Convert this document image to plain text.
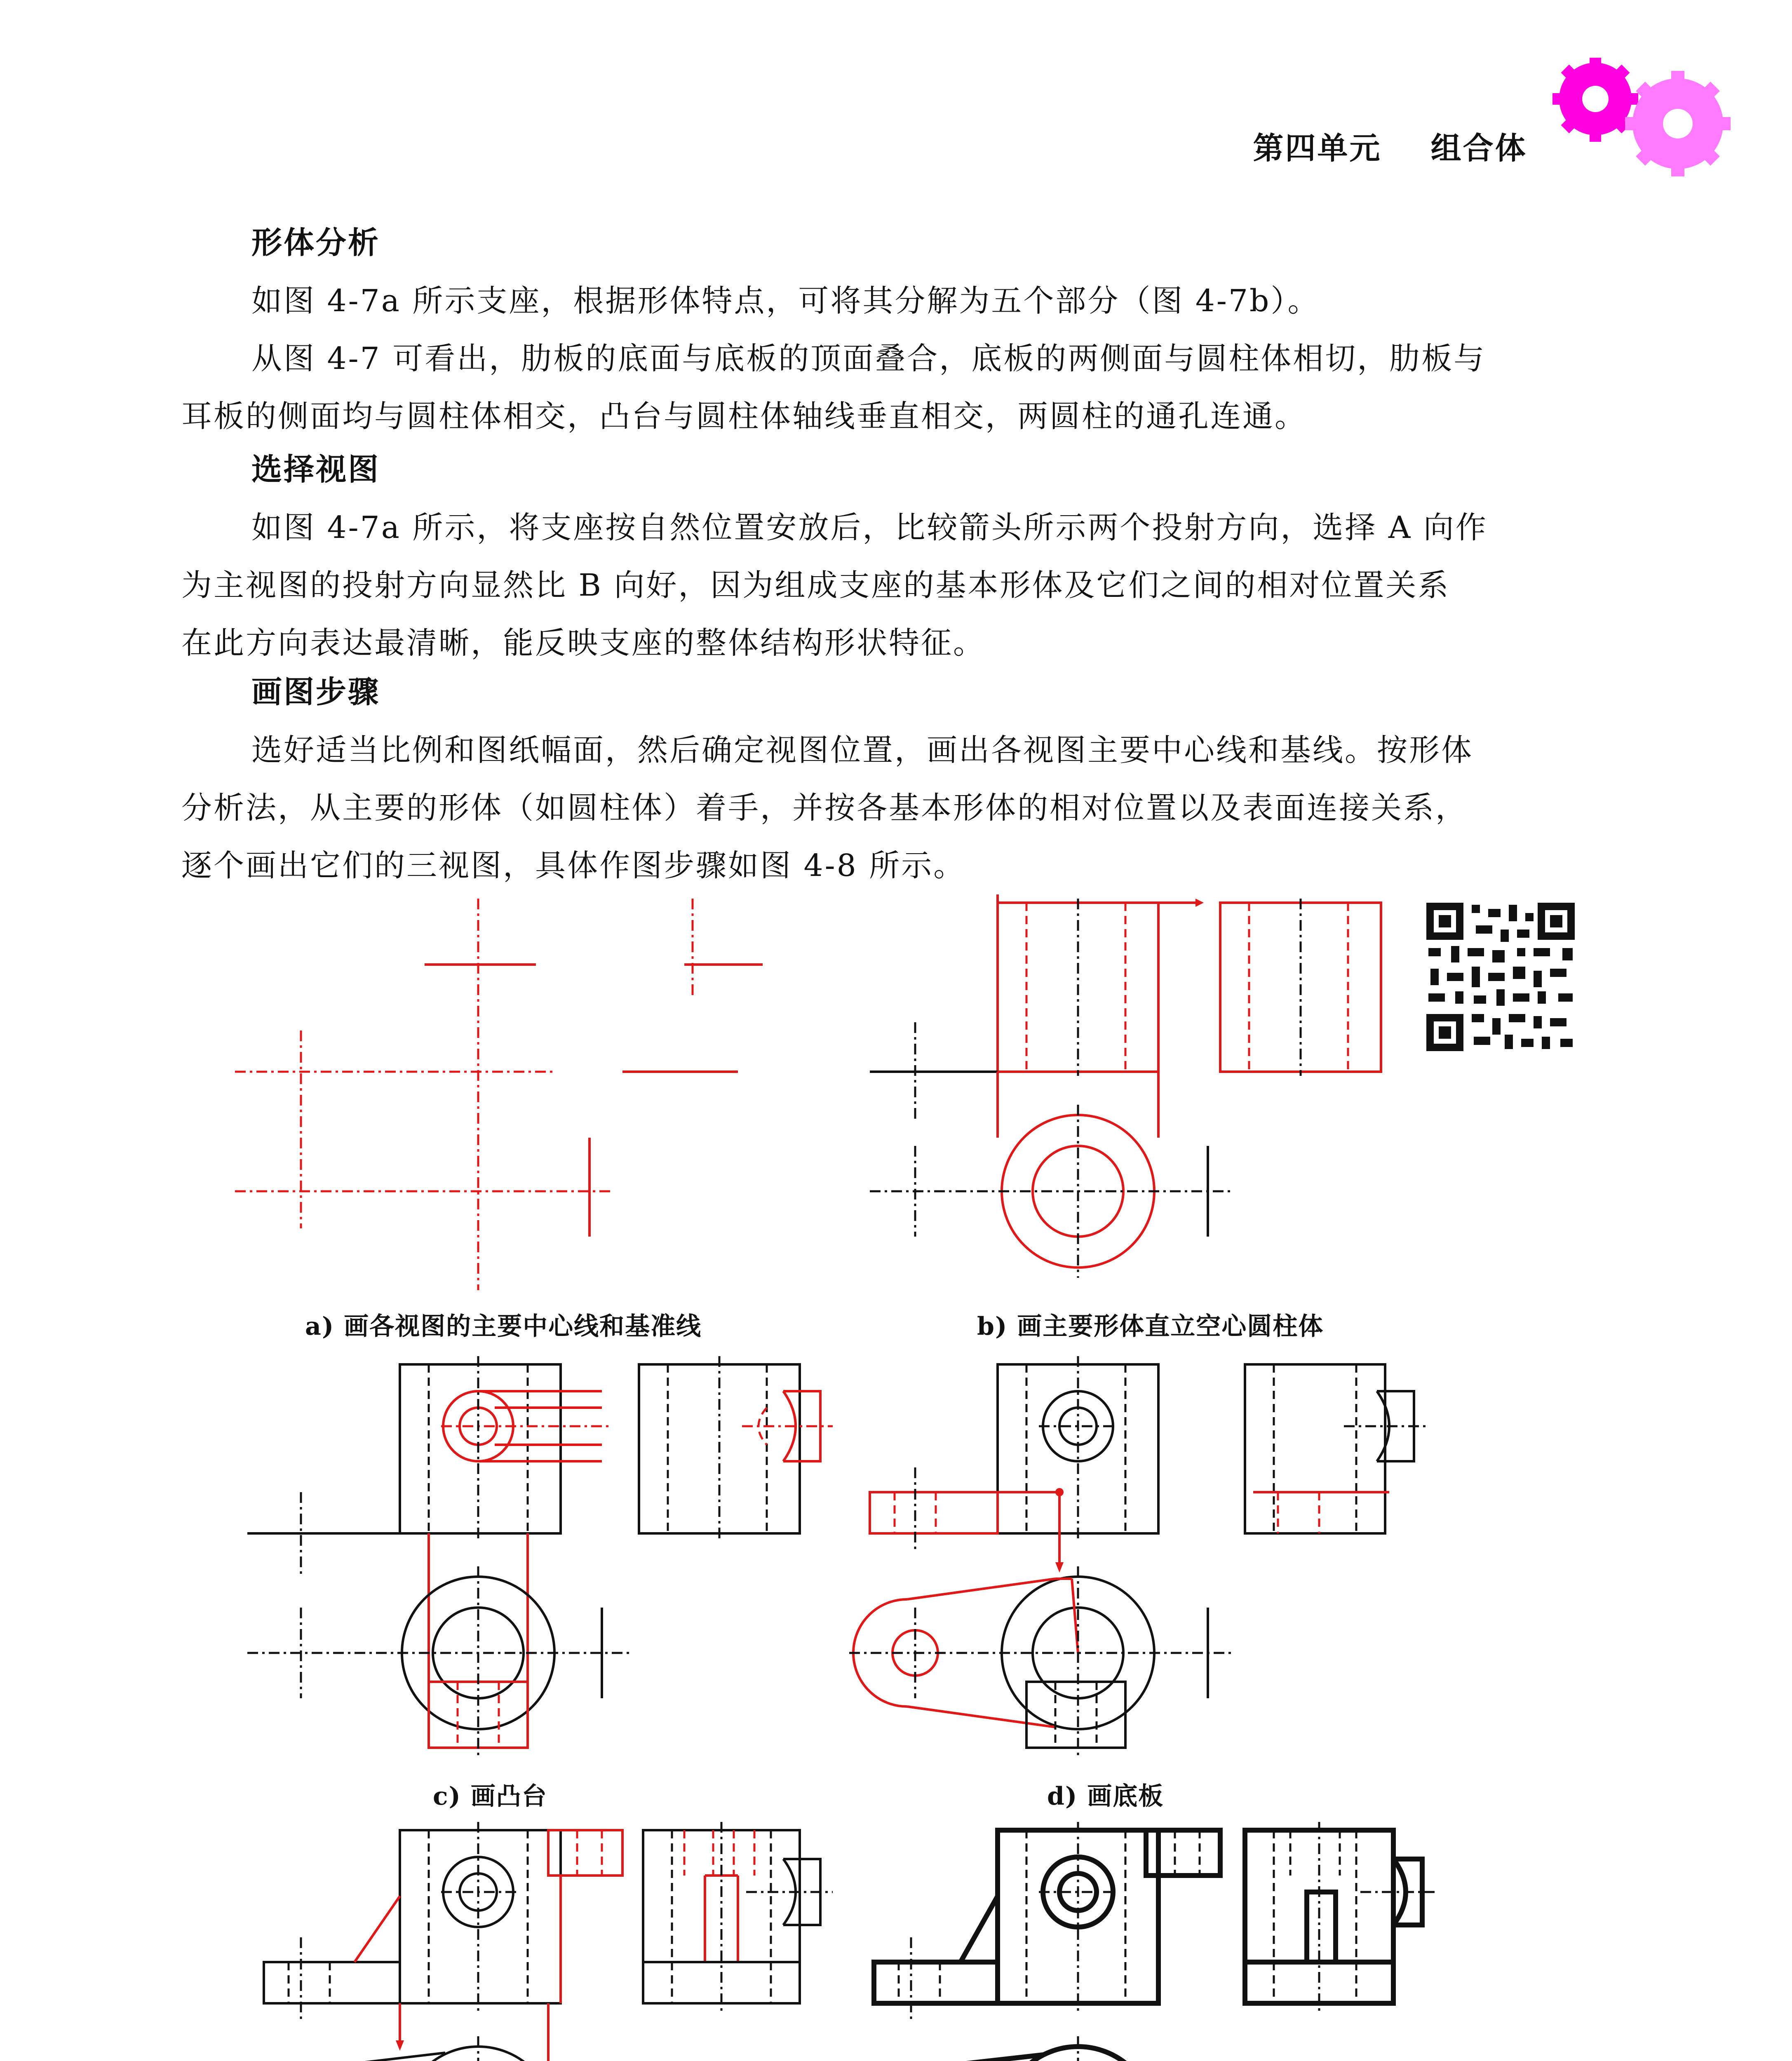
第四单元 组合体

形体分析
如图 4-7a 所示支座，根据形体特点，可将其分解为五个部分（图 4-7b）。
从图 4-7 可看出，肋板的底面与底板的顶面叠合，底板的两侧面与圆柱体相切，肋板与
耳板的侧面均与圆柱体相交，凸台与圆柱体轴线垂直相交，两圆柱的通孔连通。
选择视图
如图 4-7a 所示，将支座按自然位置安放后，比较箭头所示两个投射方向，选择 A 向作
为主视图的投射方向显然比 B 向好，因为组成支座的基本形体及它们之间的相对位置关系
在此方向表达最清晰，能反映支座的整体结构形状特征。
画图步骤
选好适当比例和图纸幅面，然后确定视图位置，画出各视图主要中心线和基线。按形体
分析法，从主要的形体（如圆柱体）着手，并按各基本形体的相对位置以及表面连接关系，
逐个画出它们的三视图，具体作图步骤如图 4-8 所示。
a) 画各视图的主要中心线和基准线	b) 画主要形体直立空心圆柱体
c) 画凸台	d) 画底板
